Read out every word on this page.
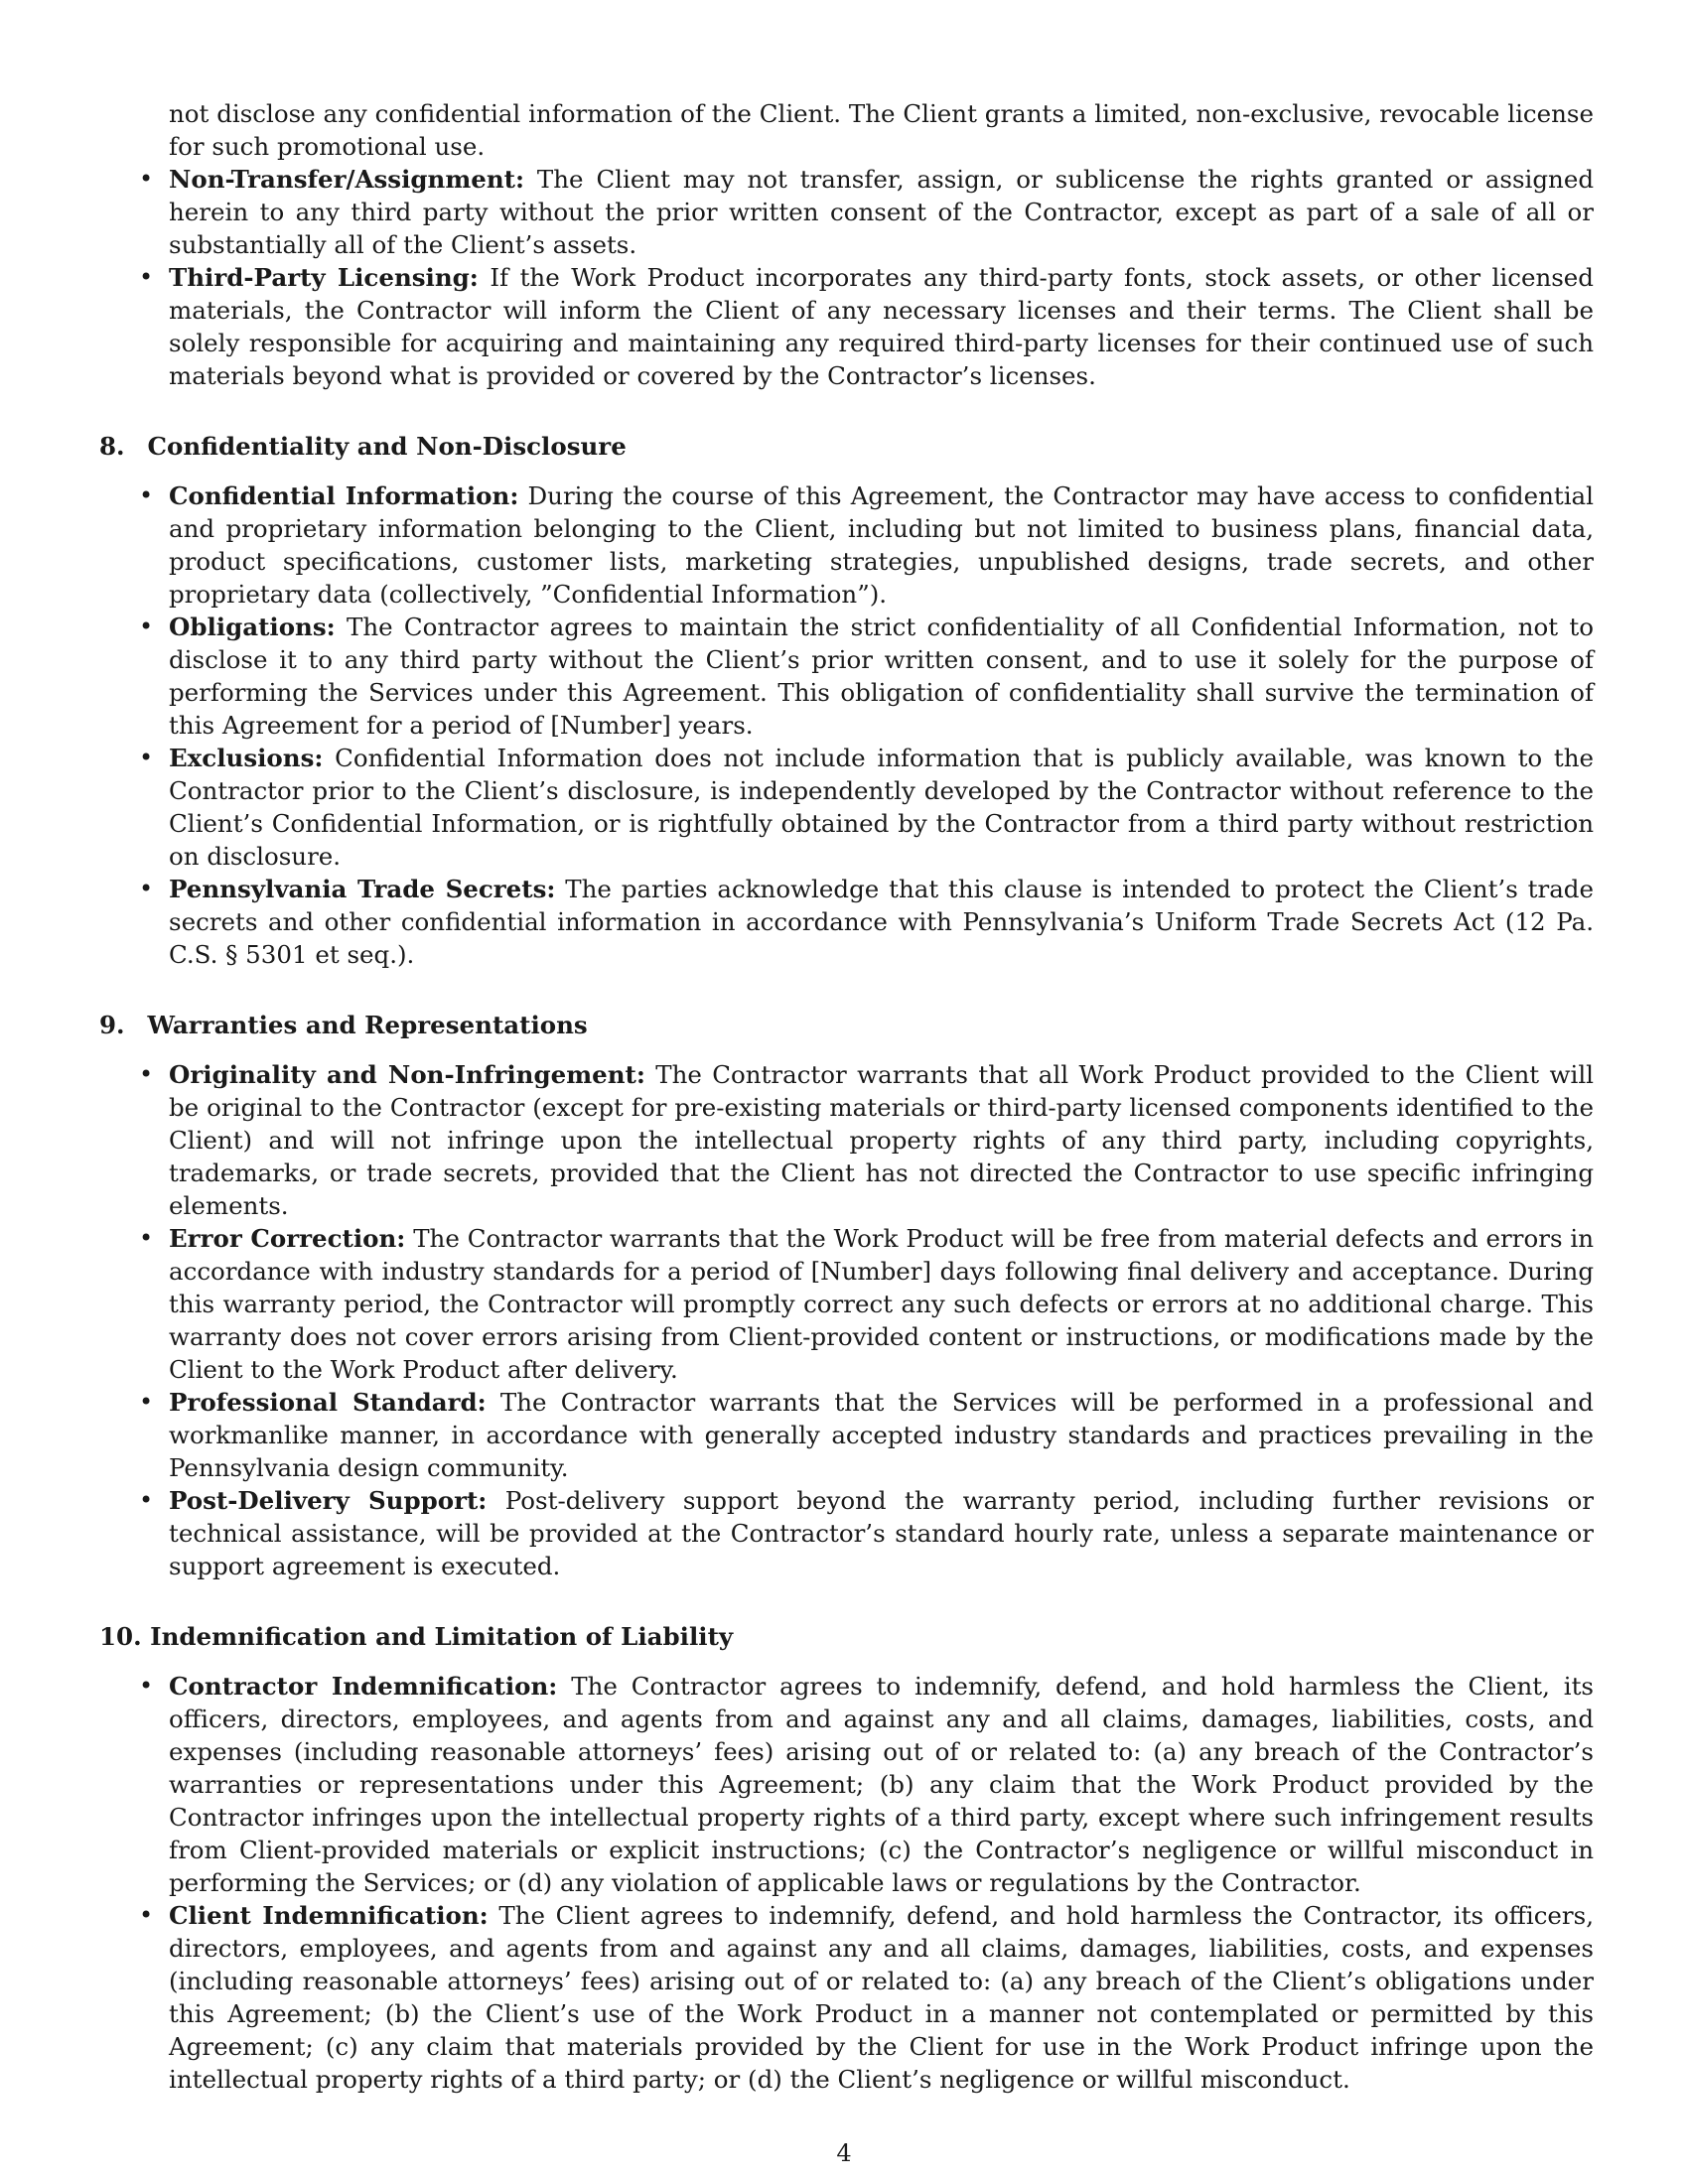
not disclose any confidential information of the Client. The Client grants a limited, non-exclusive, revocable license for such promotional use.
• Non-Transfer/Assignment: The Client may not transfer, assign, or sublicense the rights granted or assigned herein to any third party without the prior written consent of the Contractor, except as part of a sale of all or substantially all of the Client’s assets.
• Third-Party Licensing: If the Work Product incorporates any third-party fonts, stock assets, or other licensed materials, the Contractor will inform the Client of any necessary licenses and their terms. The Client shall be solely responsible for acquiring and maintaining any required third-party licenses for their continued use of such materials beyond what is provided or covered by the Contractor’s licenses.
8. Confidentiality and Non-Disclosure
• Confidential Information: During the course of this Agreement, the Contractor may have access to confidential and proprietary information belonging to the Client, including but not limited to business plans, financial data, product specifications, customer lists, marketing strategies, unpublished designs, trade secrets, and other proprietary data (collectively, ”Confidential Information”).
• Obligations: The Contractor agrees to maintain the strict confidentiality of all Confidential Information, not to disclose it to any third party without the Client’s prior written consent, and to use it solely for the purpose of performing the Services under this Agreement. This obligation of confidentiality shall survive the termination of this Agreement for a period of [Number] years.
• Exclusions: Confidential Information does not include information that is publicly available, was known to the Contractor prior to the Client’s disclosure, is independently developed by the Contractor without reference to the Client’s Confidential Information, or is rightfully obtained by the Contractor from a third party without restriction on disclosure.
• Pennsylvania Trade Secrets: The parties acknowledge that this clause is intended to protect the Client’s trade secrets and other confidential information in accordance with Pennsylvania’s Uniform Trade Secrets Act (12 Pa. C.S. § 5301 et seq.).
9. Warranties and Representations
• Originality and Non-Infringement: The Contractor warrants that all Work Product provided to the Client will be original to the Contractor (except for pre-existing materials or third-party licensed components identified to the Client) and will not infringe upon the intellectual property rights of any third party, including copyrights, trademarks, or trade secrets, provided that the Client has not directed the Contractor to use specific infringing elements.
• Error Correction: The Contractor warrants that the Work Product will be free from material defects and errors in accordance with industry standards for a period of [Number] days following final delivery and acceptance. During this warranty period, the Contractor will promptly correct any such defects or errors at no additional charge. This warranty does not cover errors arising from Client-provided content or instructions, or modifications made by the Client to the Work Product after delivery.
• Professional Standard: The Contractor warrants that the Services will be performed in a professional and workmanlike manner, in accordance with generally accepted industry standards and practices prevailing in the Pennsylvania design community.
• Post-Delivery Support: Post-delivery support beyond the warranty period, including further revisions or technical assistance, will be provided at the Contractor’s standard hourly rate, unless a separate maintenance or support agreement is executed.
10. Indemnification and Limitation of Liability
• Contractor Indemnification: The Contractor agrees to indemnify, defend, and hold harmless the Client, its officers, directors, employees, and agents from and against any and all claims, damages, liabilities, costs, and expenses (including reasonable attorneys’ fees) arising out of or related to: (a) any breach of the Contractor’s warranties or representations under this Agreement; (b) any claim that the Work Product provided by the Contractor infringes upon the intellectual property rights of a third party, except where such infringement results from Client-provided materials or explicit instructions; (c) the Contractor’s negligence or willful misconduct in performing the Services; or (d) any violation of applicable laws or regulations by the Contractor.
• Client Indemnification: The Client agrees to indemnify, defend, and hold harmless the Contractor, its officers, directors, employees, and agents from and against any and all claims, damages, liabilities, costs, and expenses (including reasonable attorneys’ fees) arising out of or related to: (a) any breach of the Client’s obligations under this Agreement; (b) the Client’s use of the Work Product in a manner not contemplated or permitted by this Agreement; (c) any claim that materials provided by the Client for use in the Work Product infringe upon the intellectual property rights of a third party; or (d) the Client’s negligence or willful misconduct.
4
